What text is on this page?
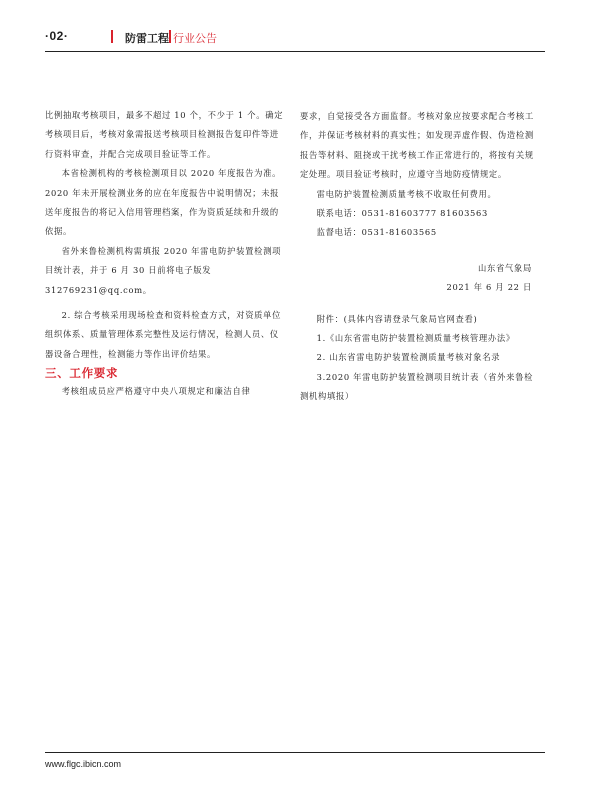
·02·	防雷工程 行业公告

比例抽取考核项目，最多不超过 10 个，不少于 1 个。确定考核项目后，考核对象需报送考核项目检测报告复印件等进行资料审查，并配合完成项目验证等工作。

本省检测机构的考核检测项目以 2020 年度报告为准。2020 年未开展检测业务的应在年度报告中说明情况；未报送年度报告的将记入信用管理档案，作为资质延续和升级的依据。

省外来鲁检测机构需填报 2020 年雷电防护装置检测项目统计表，并于 6 月 30 日前将电子版发 312769231@qq.com。

2. 综合考核采用现场检查和资料检查方式，对资质单位组织体系、质量管理体系完整性及运行情况，检测人员、仪器设备合理性，检测能力等作出评价结果。

三、工作要求

考核组成员应严格遵守中央八项规定和廉洁自律

要求，自觉接受各方面监督。考核对象应按要求配合考核工作，并保证考核材料的真实性；如发现弄虚作假、伪造检测报告等材料、阻挠或干扰考核工作正常进行的，将按有关规定处理。项目验证考核时，应遵守当地防疫情规定。

雷电防护装置检测质量考核不收取任何费用。

联系电话：0531-81603777 81603563

监督电话：0531-81603565

山东省气象局

2021 年 6 月 22 日

附件：(具体内容请登录气象局官网查看)

1.《山东省雷电防护装置检测质量考核管理办法》

2. 山东省雷电防护装置检测质量考核对象名录

3.2020 年雷电防护装置检测项目统计表（省外来鲁检测机构填报）

www.flgc.ibicn.com
